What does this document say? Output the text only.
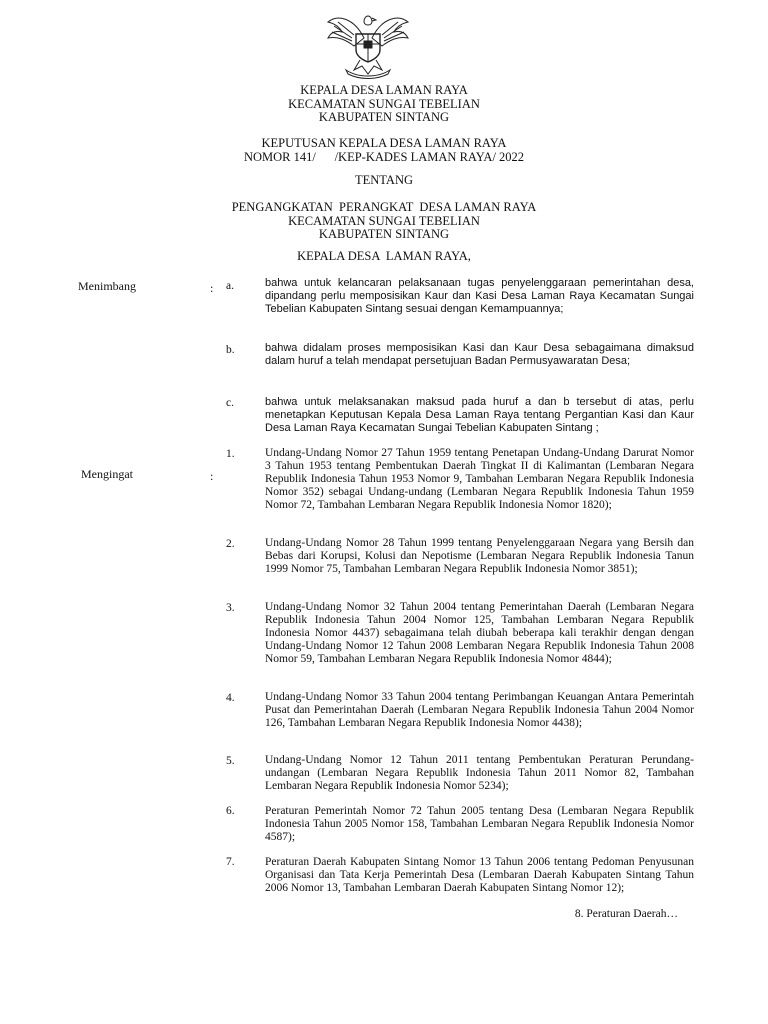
KEPALA DESA LAMAN RAYA
KECAMATAN SUNGAI TEBELIAN
KABUPATEN SINTANG
KEPUTUSAN KEPALA DESA LAMAN RAYA
NOMOR 141/      /KEP-KADES LAMAN RAYA/ 2022
TENTANG
PENGANGKATAN  PERANGKAT  DESA LAMAN RAYA
KECAMATAN SUNGAI TEBELIAN
KABUPATEN SINTANG
KEPALA DESA  LAMAN RAYA,
Menimbang	: a.	bahwa untuk kelancaran pelaksanaan tugas penyelenggaraan pemerintahan desa, dipandang perlu memposisikan Kaur dan Kasi Desa Laman Raya Kecamatan Sungai Tebelian Kabupaten Sintang sesuai dengan Kemampuannya;

b.	bahwa didalam proses memposisikan Kasi dan Kaur Desa sebagaimana dimaksud dalam huruf a telah mendapat persetujuan Badan Permusyawaratan Desa;

c.	bahwa untuk melaksanakan maksud pada huruf a dan b tersebut di atas, perlu menetapkan Keputusan Kepala Desa Laman Raya tentang Pergantian Kasi dan Kaur Desa Laman Raya Kecamatan Sungai Tebelian Kabupaten Sintang ;

Mengingat	:
1.	Undang-Undang Nomor 27 Tahun 1959 tentang Penetapan Undang-Undang Darurat Nomor 3 Tahun 1953 tentang Pembentukan Daerah Tingkat II di Kalimantan (Lembaran Negara Republik Indonesia Tahun 1953 Nomor 9, Tambahan Lembaran Negara Republik Indonesia Nomor 352) sebagai Undang-undang (Lembaran Negara Republik Indonesia Tahun 1959 Nomor 72, Tambahan Lembaran Negara Republik Indonesia Nomor 1820);

2.	Undang-Undang Nomor 28 Tahun 1999 tentang Penyelenggaraan Negara yang Bersih dan Bebas dari Korupsi, Kolusi dan Nepotisme (Lembaran Negara Republik Indonesia Tanun 1999 Nomor 75, Tambahan Lembaran Negara Republik Indonesia Nomor 3851);

3.	Undang-Undang Nomor 32 Tahun 2004 tentang Pemerintahan Daerah (Lembaran Negara Republik Indonesia Tahun 2004 Nomor 125, Tambahan Lembaran Negara Republik Indonesia Nomor 4437) sebagaimana telah diubah beberapa kali terakhir dengan dengan Undang-Undang Nomor 12 Tahun 2008 Lembaran Negara Republik Indonesia Tahun 2008 Nomor 59, Tambahan Lembaran Negara Republik Indonesia Nomor 4844);

4.	Undang-Undang Nomor 33 Tahun 2004 tentang Perimbangan Keuangan Antara Pemerintah Pusat dan Pemerintahan Daerah (Lembaran Negara Republik Indonesia Tahun 2004 Nomor 126, Tambahan Lembaran Negara Republik Indonesia Nomor 4438);

5.	Undang-Undang Nomor 12 Tahun 2011 tentang Pembentukan Peraturan Perundang-undangan (Lembaran Negara Republik Indonesia Tahun 2011 Nomor 82, Tambahan Lembaran Negara Republik Indonesia Nomor 5234);

6.	Peraturan Pemerintah Nomor 72 Tahun 2005 tentang Desa (Lembaran Negara Republik Indonesia Tahun 2005 Nomor 158, Tambahan Lembaran Negara Republik Indonesia Nomor 4587);

7.	Peraturan Daerah Kabupaten Sintang Nomor 13 Tahun 2006 tentang Pedoman Penyusunan Organisasi dan Tata Kerja Pemerintah Desa (Lembaran Daerah Kabupaten Sintang Tahun 2006 Nomor 13, Tambahan Lembaran Daerah Kabupaten Sintang Nomor 12);

8. Peraturan Daerah…
